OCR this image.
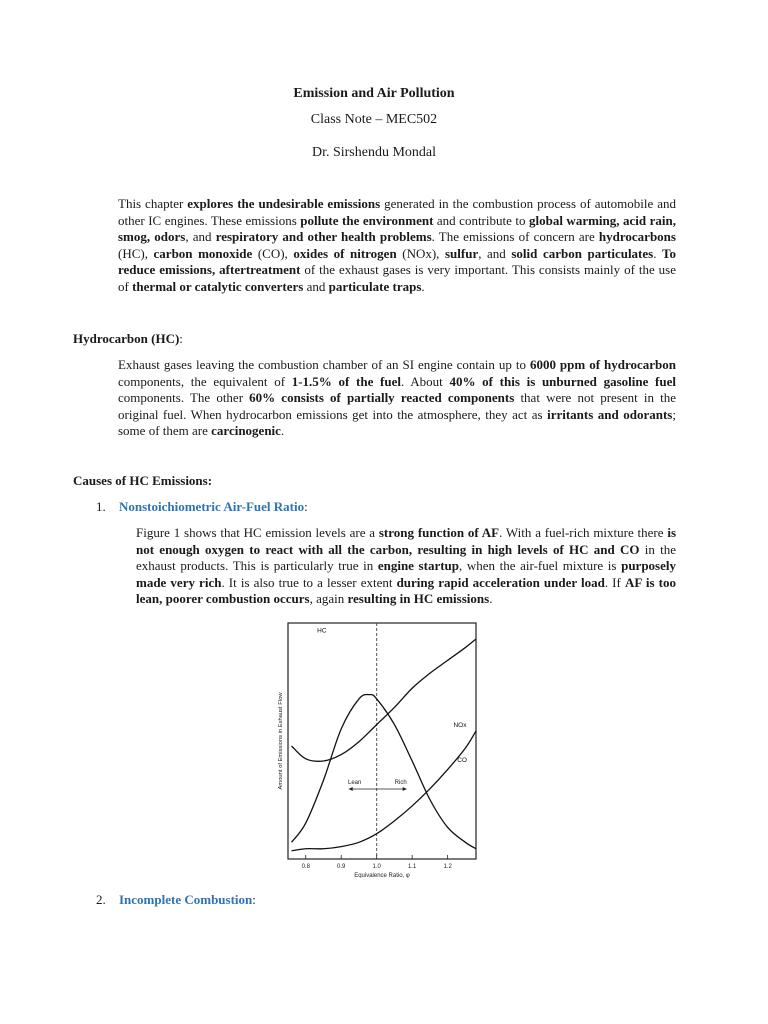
Emission and Air Pollution
Class Note – MEC502
Dr. Sirshendu Mondal

This chapter explores the undesirable emissions generated in the combustion process of automobile and other IC engines. These emissions pollute the environment and contribute to global warming, acid rain, smog, odors, and respiratory and other health problems. The emissions of concern are hydrocarbons (HC), carbon monoxide (CO), oxides of nitrogen (NOx), sulfur, and solid carbon particulates. To reduce emissions, aftertreatment of the exhaust gases is very important. This consists mainly of the use of thermal or catalytic converters and particulate traps.

Hydrocarbon (HC):

Exhaust gases leaving the combustion chamber of an SI engine contain up to 6000 ppm of hydrocarbon components, the equivalent of 1-1.5% of the fuel. About 40% of this is unburned gasoline fuel components. The other 60% consists of partially reacted components that were not present in the original fuel. When hydrocarbon emissions get into the atmosphere, they act as irritants and odorants; some of them are carcinogenic.

Causes of HC Emissions:
1. Nonstoichiometric Air-Fuel Ratio:

Figure 1 shows that HC emission levels are a strong function of AF. With a fuel-rich mixture there is not enough oxygen to react with all the carbon, resulting in high levels of HC and CO in the exhaust products. This is particularly true in engine startup, when the air-fuel mixture is purposely made very rich. It is also true to a lesser extent during rapid acceleration under load. If AF is too lean, poorer combustion occurs, again resulting in HC emissions.

0.8	0.9	1.0	1.1	1.2
HC
NOx
CO
Equivalence Ratio, φ
Amount of Emissions in Exhaust Flow	Lean	Rich
2. Incomplete Combustion:
